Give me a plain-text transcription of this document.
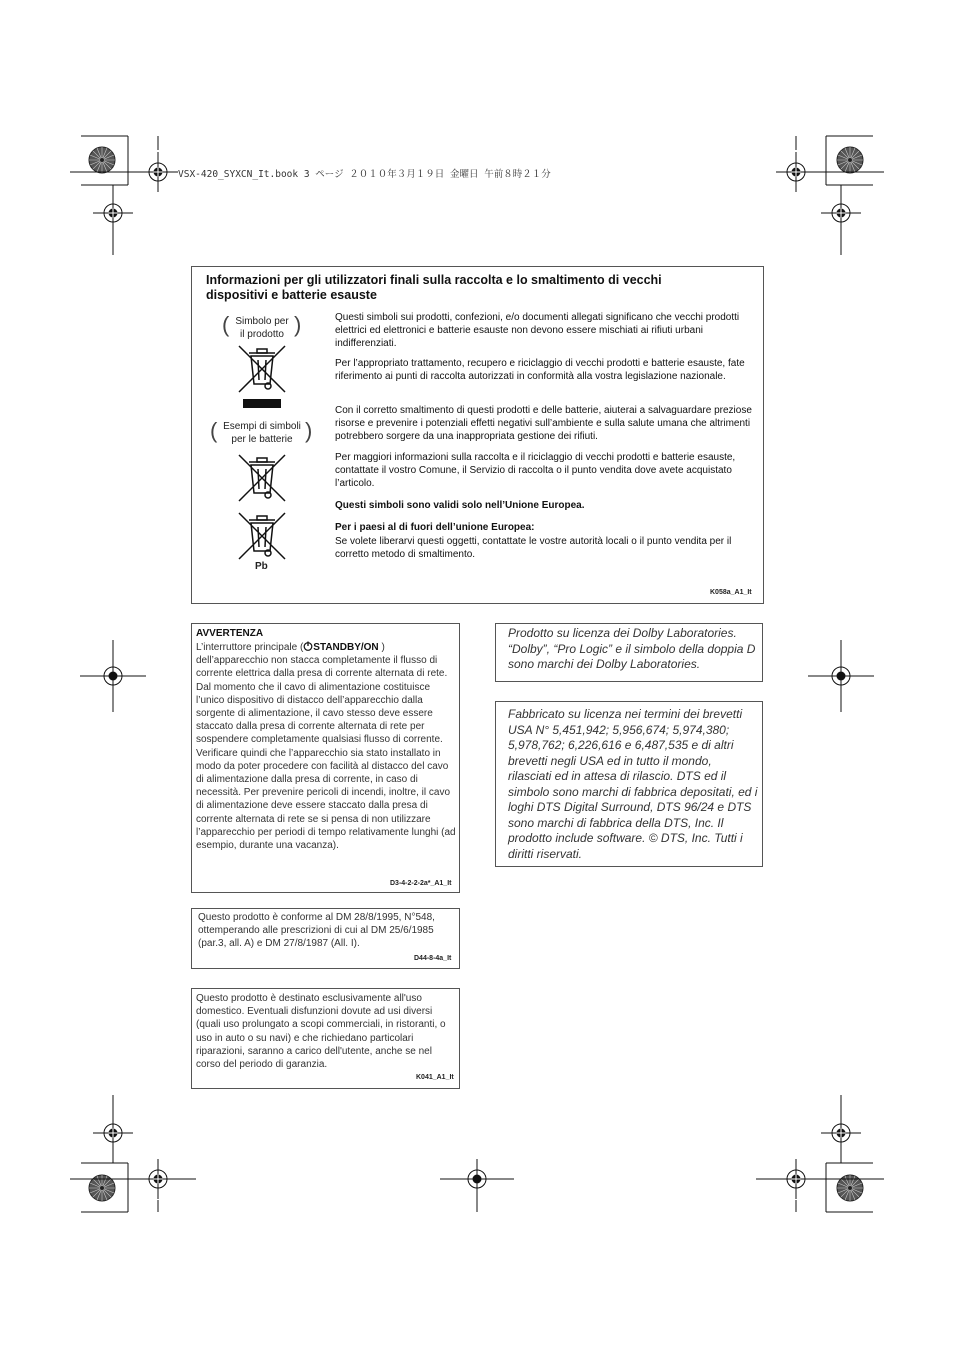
VSX-420_SYXCN_It.book 3 ページ ２０１０年３月１９日 金曜日 午前８時２１分
Informazioni per gli utilizzatori finali sulla raccolta e lo smaltimento di vecchi
dispositivi e batterie esauste
( Simbolo per
il prodotto )
( Esempi di simboli
per le batterie )
Pb
Questi simboli sui prodotti, confezioni, e/o documenti allegati significano che vecchi prodotti elettrici ed elettronici e batterie esauste non devono essere mischiati ai rifiuti urbani indifferenziati.
Per l’appropriato trattamento, recupero e riciclaggio di vecchi prodotti e batterie esauste, fate riferimento ai punti di raccolta autorizzati in conformità alla vostra legislazione nazionale.
Con il corretto smaltimento di questi prodotti e delle batterie, aiuterai a salvaguardare preziose risorse e prevenire i potenziali effetti negativi sull’ambiente e sulla salute umana che altrimenti potrebbero sorgere da una inappropriata gestione dei rifiuti.
Per maggiori informazioni sulla raccolta e il riciclaggio di vecchi prodotti e batterie esauste, contattate il vostro Comune, il Servizio di raccolta o il punto vendita dove avete acquistato l’articolo.
Questi simboli sono validi solo nell’Unione Europea.
Per i paesi al di fuori dell’unione Europea:
Se volete liberarvi questi oggetti, contattate le vostre autorità locali o il punto vendita per il corretto metodo di smaltimento.
K058a_A1_It
AVVERTENZA
L’interruttore principale ( STANDBY/ON ) dell’apparecchio non stacca completamente il flusso di corrente elettrica dalla presa di corrente alternata di rete. Dal momento che il cavo di alimentazione costituisce l’unico dispositivo di distacco dell’apparecchio dalla sorgente di alimentazione, il cavo stesso deve essere staccato dalla presa di corrente alternata di rete per sospendere completamente qualsiasi flusso di corrente. Verificare quindi che l’apparecchio sia stato installato in modo da poter procedere con facilità al distacco del cavo di alimentazione dalla presa di corrente, in caso di necessità. Per prevenire pericoli di incendi, inoltre, il cavo di alimentazione deve essere staccato dalla presa di corrente alternata di rete se si pensa di non utilizzare l’apparecchio per periodi di tempo relativamente lunghi (ad esempio, durante una vacanza).
D3-4-2-2-2a*_A1_It
Questo prodotto è conforme al DM 28/8/1995, N°548, ottemperando alle prescrizioni di cui al DM 25/6/1985 (par.3, all. A) e DM 27/8/1987 (All. I).
D44-8-4a_It
Questo prodotto è destinato esclusivamente all'uso domestico. Eventuali disfunzioni dovute ad usi diversi (quali uso prolungato a scopi commerciali, in ristoranti, o uso in auto o su navi) e che richiedano particolari riparazioni, saranno a carico dell'utente, anche se nel corso del periodo di garanzia.
K041_A1_It
Prodotto su licenza dei Dolby Laboratories. “Dolby”, “Pro Logic” e il simbolo della doppia D sono marchi dei Dolby Laboratories.
Fabbricato su licenza nei termini dei brevetti USA N° 5,451,942; 5,956,674; 5,974,380; 5,978,762; 6,226,616 e 6,487,535 e di altri brevetti negli USA ed in tutto il mondo, rilasciati ed in attesa di rilascio. DTS ed il simbolo sono marchi di fabbrica depositati, ed i loghi DTS Digital Surround, DTS 96/24 e DTS sono marchi di fabbrica della DTS, Inc. Il prodotto include software. © DTS, Inc. Tutti i diritti riservati.
